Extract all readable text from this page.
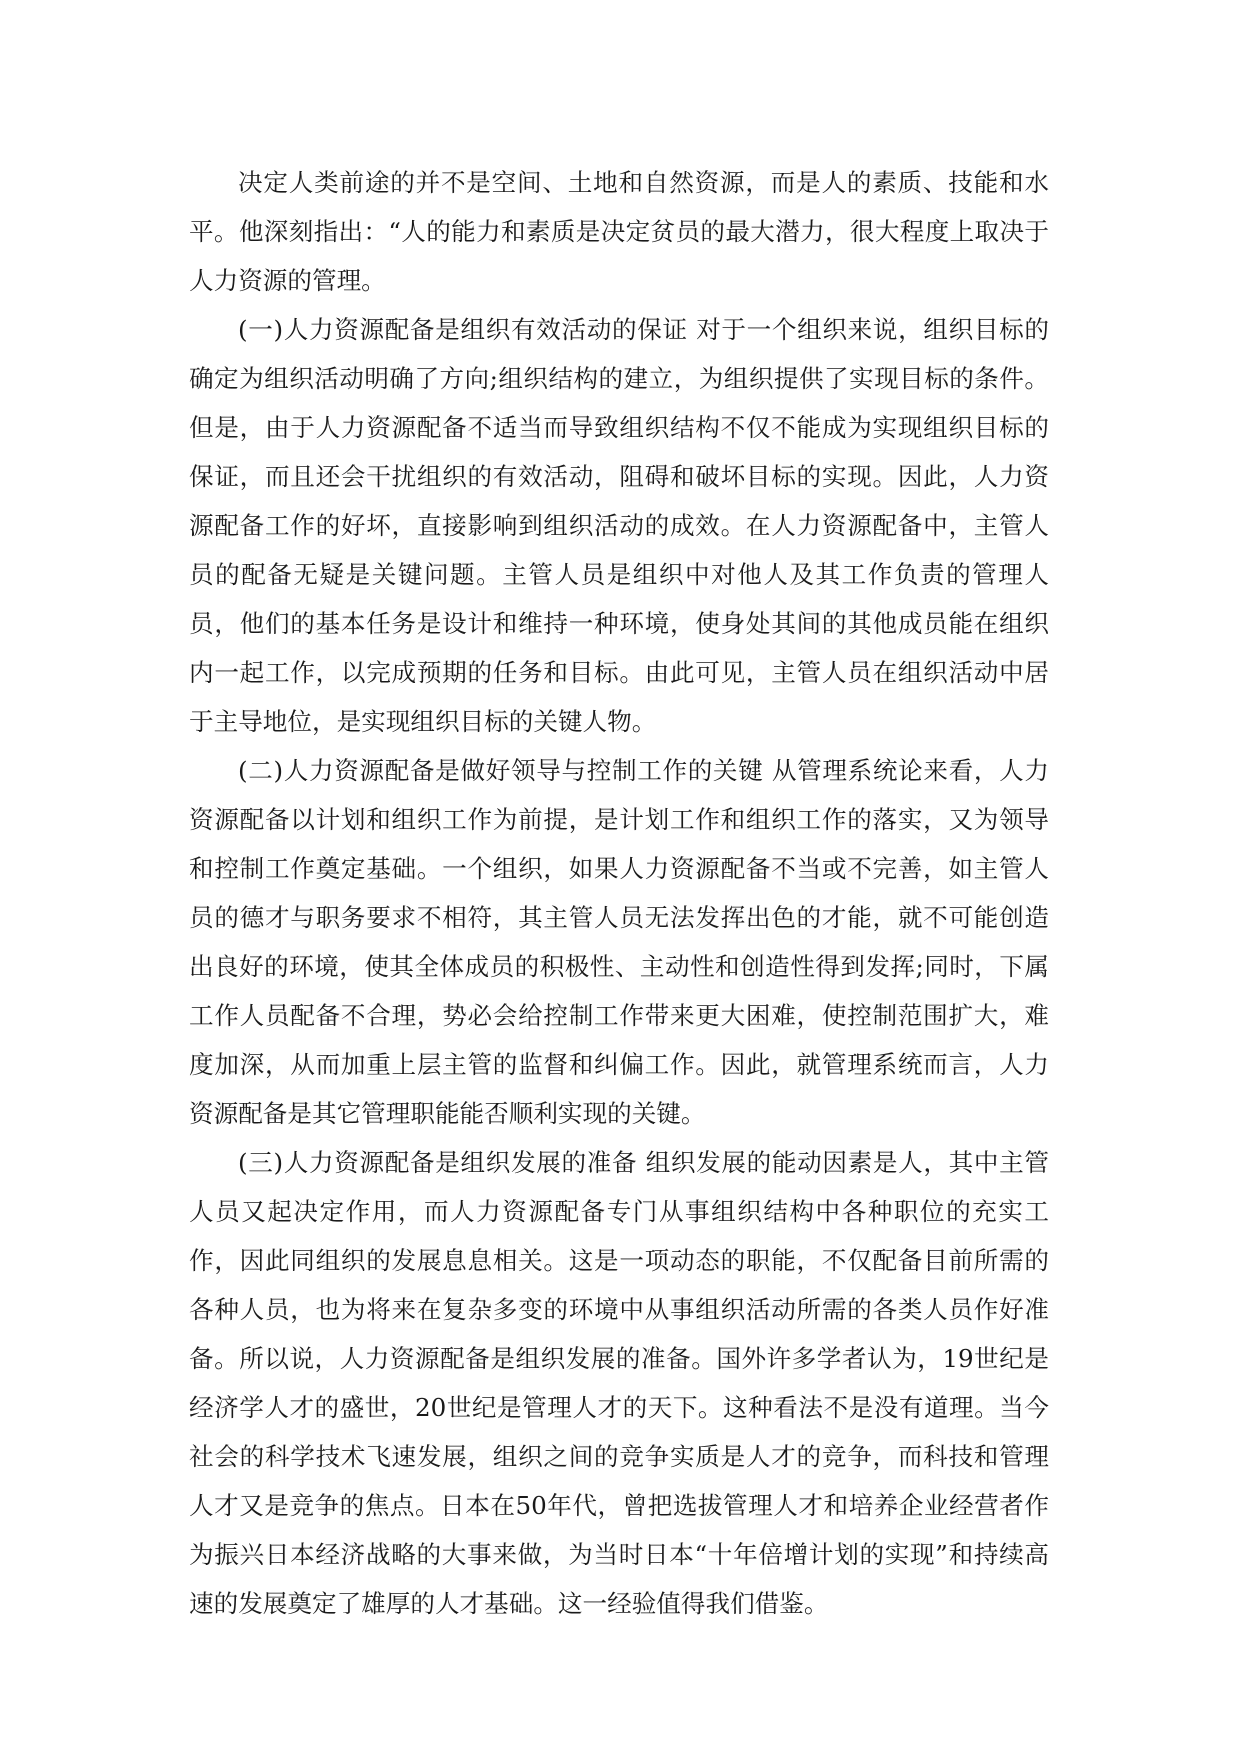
决定人类前途的并不是空间、土地和自然资源，而是人的素质、技能和水平。他深刻指出：“人的能力和素质是决定贫员的最大潜力，很大程度上取决于人力资源的管理。

(一)人力资源配备是组织有效活动的保证 对于一个组织来说，组织目标的确定为组织活动明确了方向;组织结构的建立，为组织提供了实现目标的条件。但是，由于人力资源配备不适当而导致组织结构不仅不能成为实现组织目标的保证，而且还会干扰组织的有效活动，阻碍和破坏目标的实现。因此，人力资源配备工作的好坏，直接影响到组织活动的成效。在人力资源配备中，主管人员的配备无疑是关键问题。主管人员是组织中对他人及其工作负责的管理人员，他们的基本任务是设计和维持一种环境，使身处其间的其他成员能在组织内一起工作，以完成预期的任务和目标。由此可见，主管人员在组织活动中居于主导地位，是实现组织目标的关键人物。

(二)人力资源配备是做好领导与控制工作的关键 从管理系统论来看，人力资源配备以计划和组织工作为前提，是计划工作和组织工作的落实，又为领导和控制工作奠定基础。一个组织，如果人力资源配备不当或不完善，如主管人员的德才与职务要求不相符，其主管人员无法发挥出色的才能，就不可能创造出良好的环境，使其全体成员的积极性、主动性和创造性得到发挥;同时，下属工作人员配备不合理，势必会给控制工作带来更大困难，使控制范围扩大，难度加深，从而加重上层主管的监督和纠偏工作。因此，就管理系统而言，人力资源配备是其它管理职能能否顺利实现的关键。

(三)人力资源配备是组织发展的准备 组织发展的能动因素是人，其中主管人员又起决定作用，而人力资源配备专门从事组织结构中各种职位的充实工作，因此同组织的发展息息相关。这是一项动态的职能，不仅配备目前所需的各种人员，也为将来在复杂多变的环境中从事组织活动所需的各类人员作好准备。所以说，人力资源配备是组织发展的准备。国外许多学者认为，19世纪是经济学人才的盛世，20世纪是管理人才的天下。这种看法不是没有道理。当今社会的科学技术飞速发展，组织之间的竞争实质是人才的竞争，而科技和管理人才又是竞争的焦点。日本在50年代，曾把选拔管理人才和培养企业经营者作为振兴日本经济战略的大事来做，为当时日本“十年倍增计划的实现”和持续高速的发展奠定了雄厚的人才基础。这一经验值得我们借鉴。
